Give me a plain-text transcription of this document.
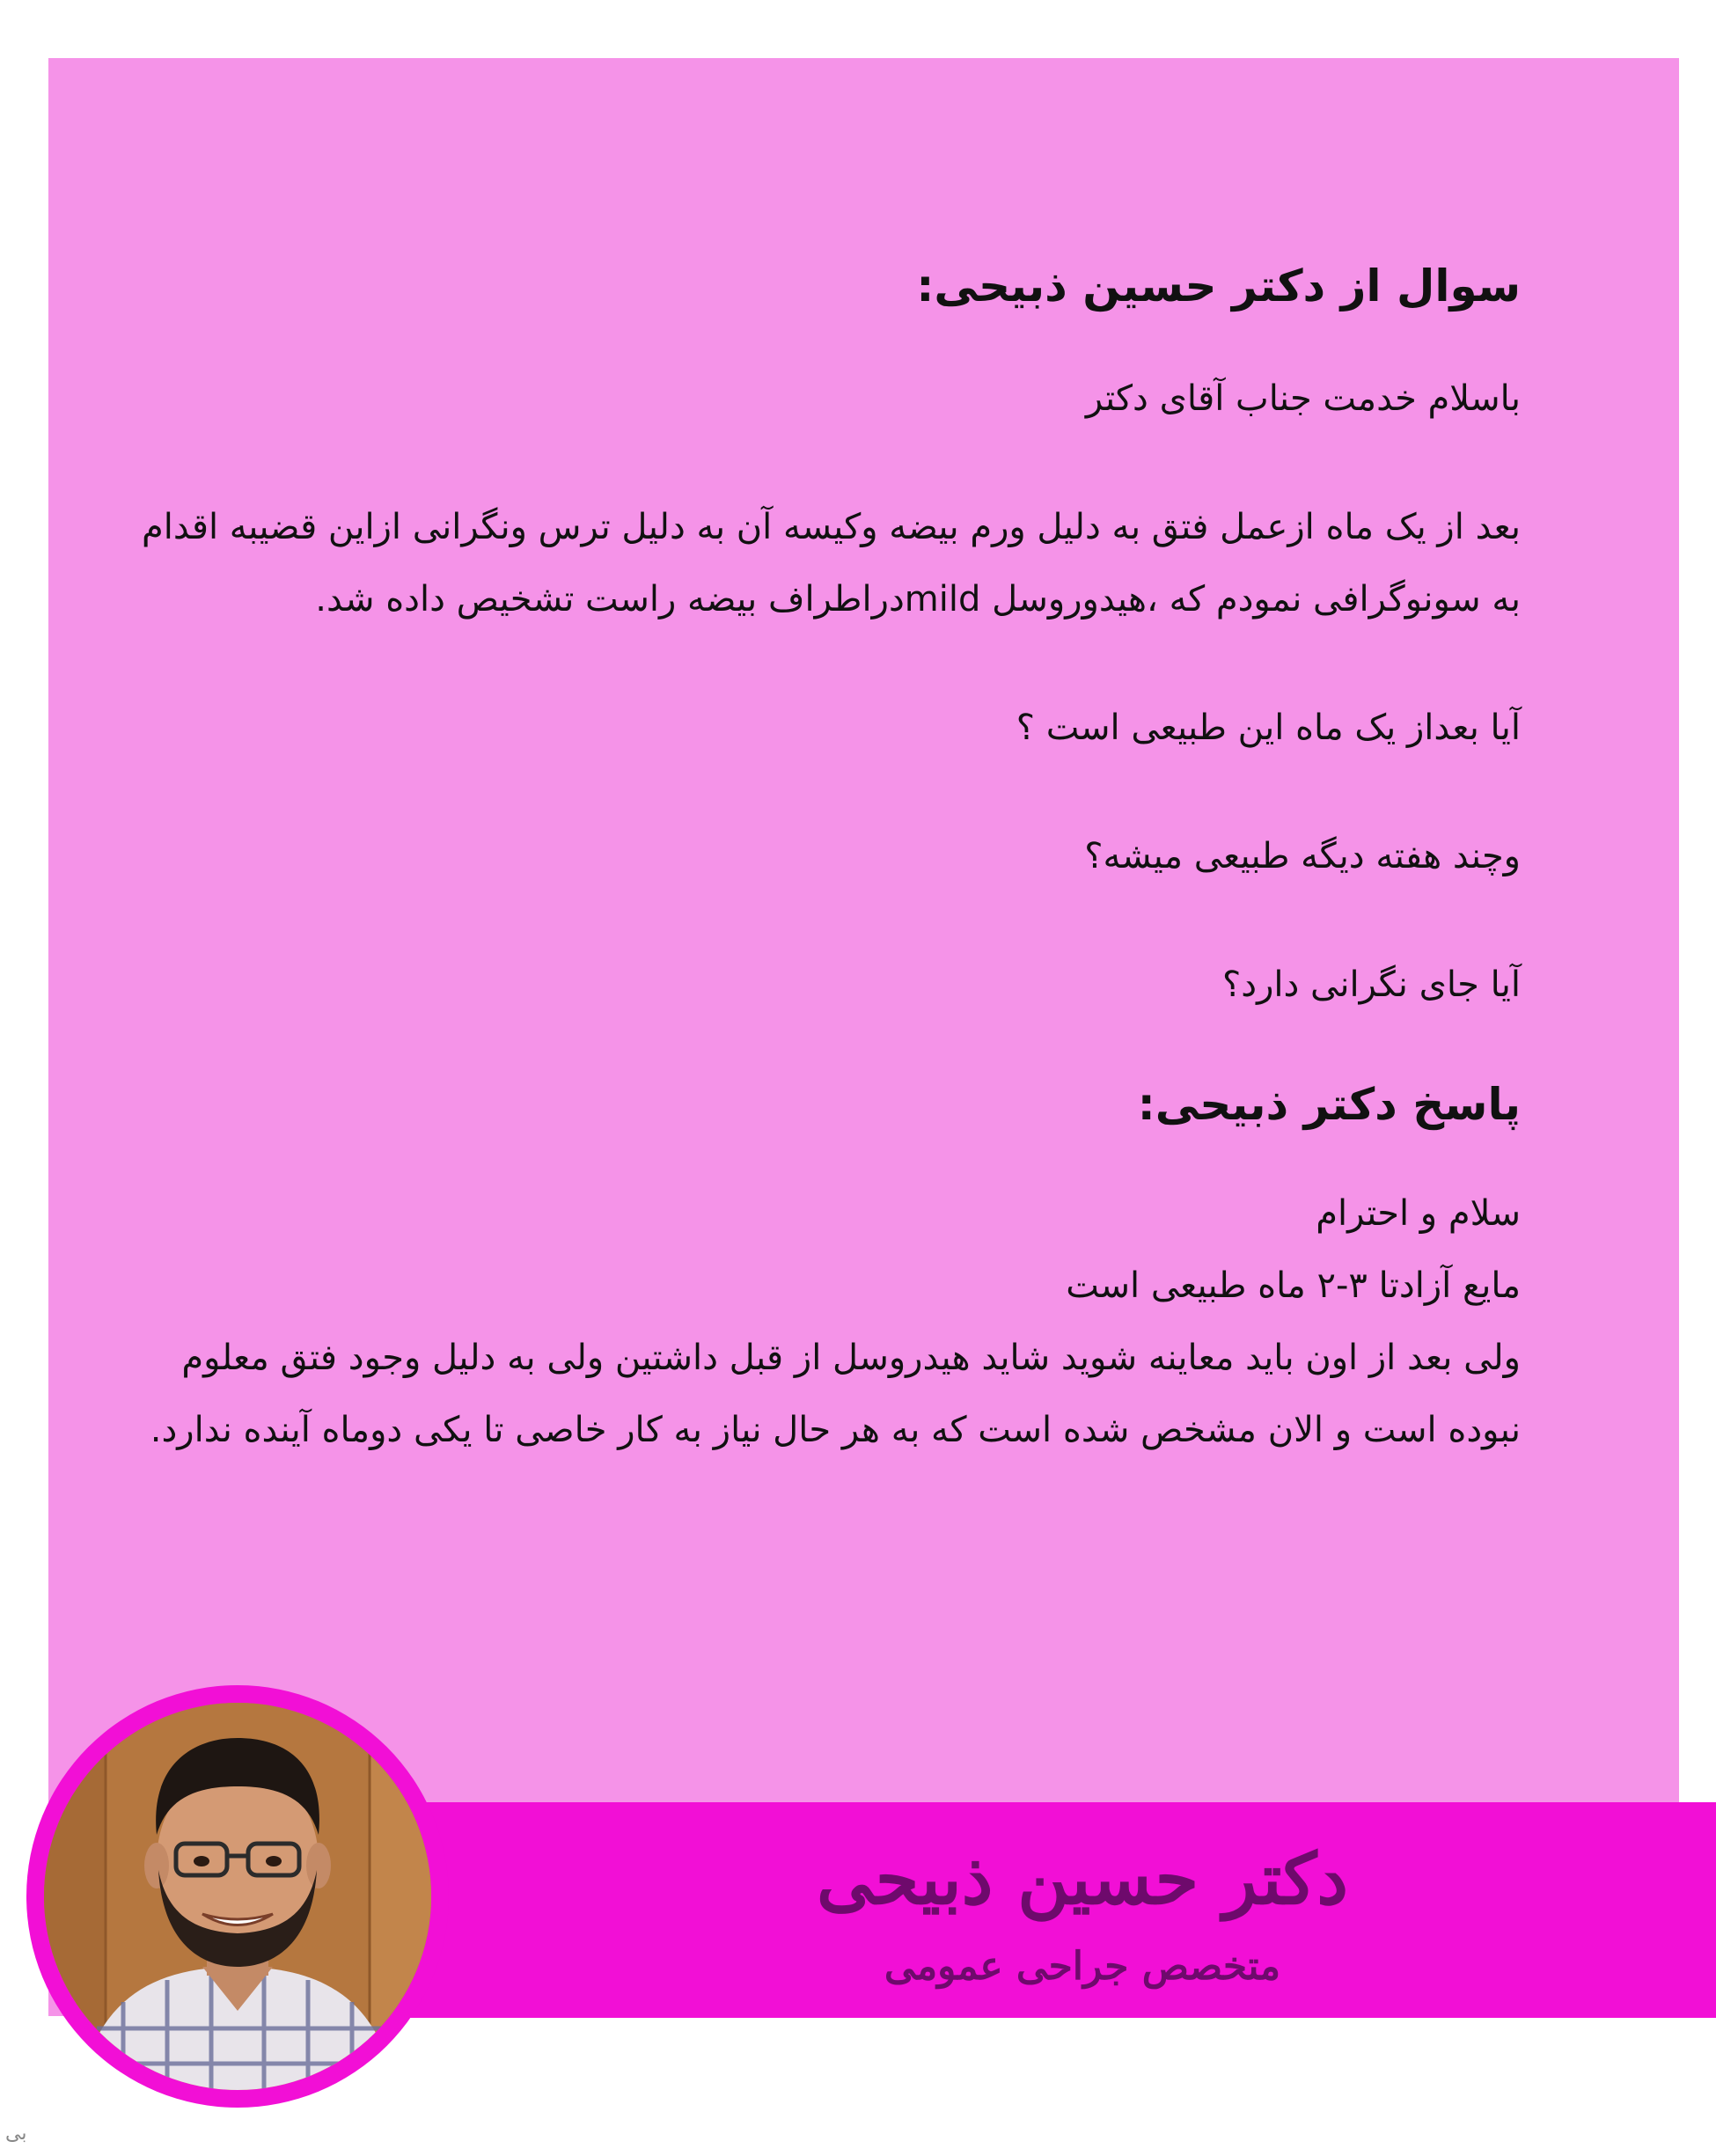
سوال از دکتر حسین ذبیحی:
باسلام خدمت جناب آقای دکتر
بعد از یک ماه ازعمل فتق به دلیل ورم بیضه وکیسه آن به دلیل ترس ونگرانی ازاین قضیبه اقدام به سونوگرافی نمودم که ،هیدوروسل mildدراطراف بیضه راست تشخیص داده شد.
آیا بعداز یک ماه این طبیعی است ؟
وچند هفته دیگه طبیعی میشه؟
آیا جای نگرانی دارد؟
پاسخ دکتر ذبیحی:
سلام و احترام
مایع آزادتا ۳-۲ ماه طبیعی است
ولی بعد از اون باید معاینه شوید شاید هیدروسل از قبل داشتین ولی به دلیل وجود فتق معلوم نبوده است و الان مشخص شده است که به هر حال نیاز به کار خاصی تا یکی دوماه آینده ندارد.
دکتر حسین ذبیحی
متخصص جراحی عمومی
ﺑﯽ
